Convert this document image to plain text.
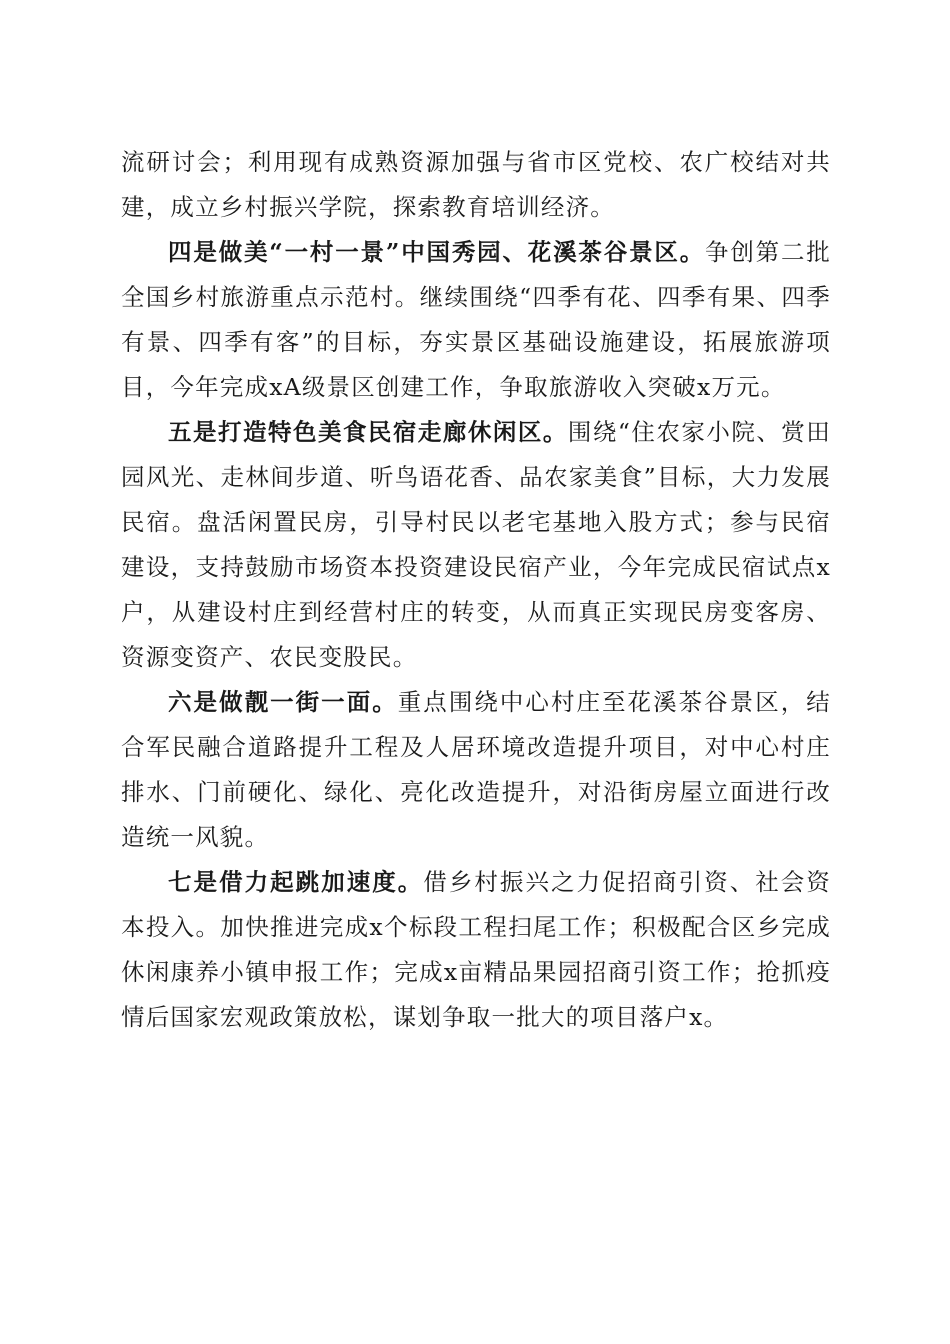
流研讨会；利用现有成熟资源加强与省市区党校、农广校结对共建，成立乡村振兴学院，探索教育培训经济。

四是做美“一村一景”中国秀园、花溪茶谷景区。争创第二批全国乡村旅游重点示范村。继续围绕“四季有花、四季有果、四季有景、四季有客”的目标，夯实景区基础设施建设，拓展旅游项目，今年完成xA级景区创建工作，争取旅游收入突破x万元。

五是打造特色美食民宿走廊休闲区。围绕“住农家小院、赏田园风光、走林间步道、听鸟语花香、品农家美食”目标，大力发展民宿。盘活闲置民房，引导村民以老宅基地入股方式；参与民宿建设，支持鼓励市场资本投资建设民宿产业，今年完成民宿试点x户，从建设村庄到经营村庄的转变，从而真正实现民房变客房、资源变资产、农民变股民。

六是做靓一街一面。重点围绕中心村庄至花溪茶谷景区，结合军民融合道路提升工程及人居环境改造提升项目，对中心村庄排水、门前硬化、绿化、亮化改造提升，对沿街房屋立面进行改造统一风貌。

七是借力起跳加速度。借乡村振兴之力促招商引资、社会资本投入。加快推进完成x个标段工程扫尾工作；积极配合区乡完成休闲康养小镇申报工作；完成x亩精品果园招商引资工作；抢抓疫情后国家宏观政策放松，谋划争取一批大的项目落户x。
